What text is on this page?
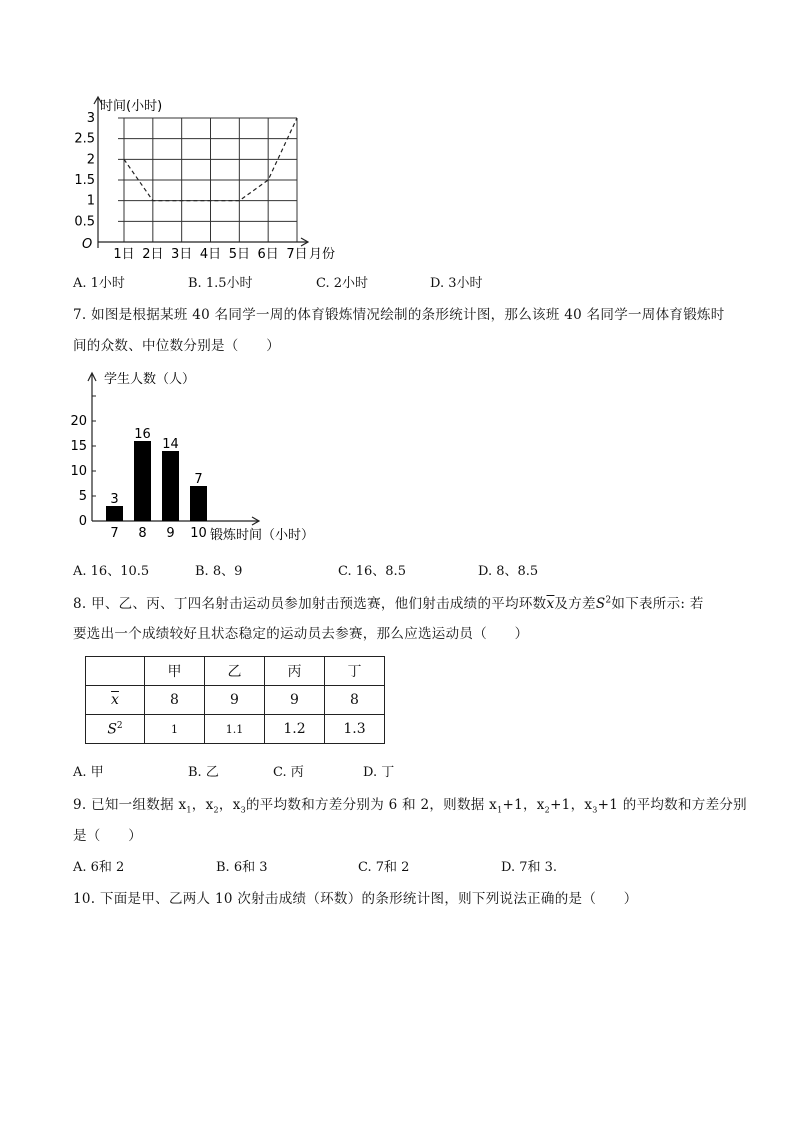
时间(小时)
O
月份
3
2.5
2
1.5
1
0.5
1日 2日 3日 4日 5日 6日 7日
A. 1小时	B. 1.5小时	C. 2小时	D. 3小时
7. 如图是根据某班 40 名同学一周的体育锻炼情况绘制的条形统计图，那么该班 40 名同学一周体育锻炼时
间的众数、中位数分别是（　　）
学生人数（人）
锻炼时间（小时）
20
15
10
5
0
3
7
16
8
14
9
7
10
A. 16、10.5	B. 8、9	C. 16、8.5	D. 8、8.5
8. 甲、乙、丙、丁四名射击运动员参加射击预选赛，他们射击成绩的平均环数$\overline{x}$及方差$S^2$如下表所示: 若
要选出一个成绩较好且状态稳定的运动员去参赛，那么应选运动员（　　）
	甲	乙	丙	丁
$\overline{x}$	8	9	9	8
$S^2$	1	1.1	1.2	1.3
A. 甲	B. 乙	C. 丙	D. 丁
9. 已知一组数据 $x_1$，$x_2$，$x_3$的平均数和方差分别为 6 和 2，则数据 $x_1+1$，$x_2+1$，$x_3+1$ 的平均数和方差分别
是（　　）
A. 6和 2	B. 6和 3	C. 7和 2	D. 7和 3.
10. 下面是甲、乙两人 10 次射击成绩（环数）的条形统计图，则下列说法正确的是（　　）
